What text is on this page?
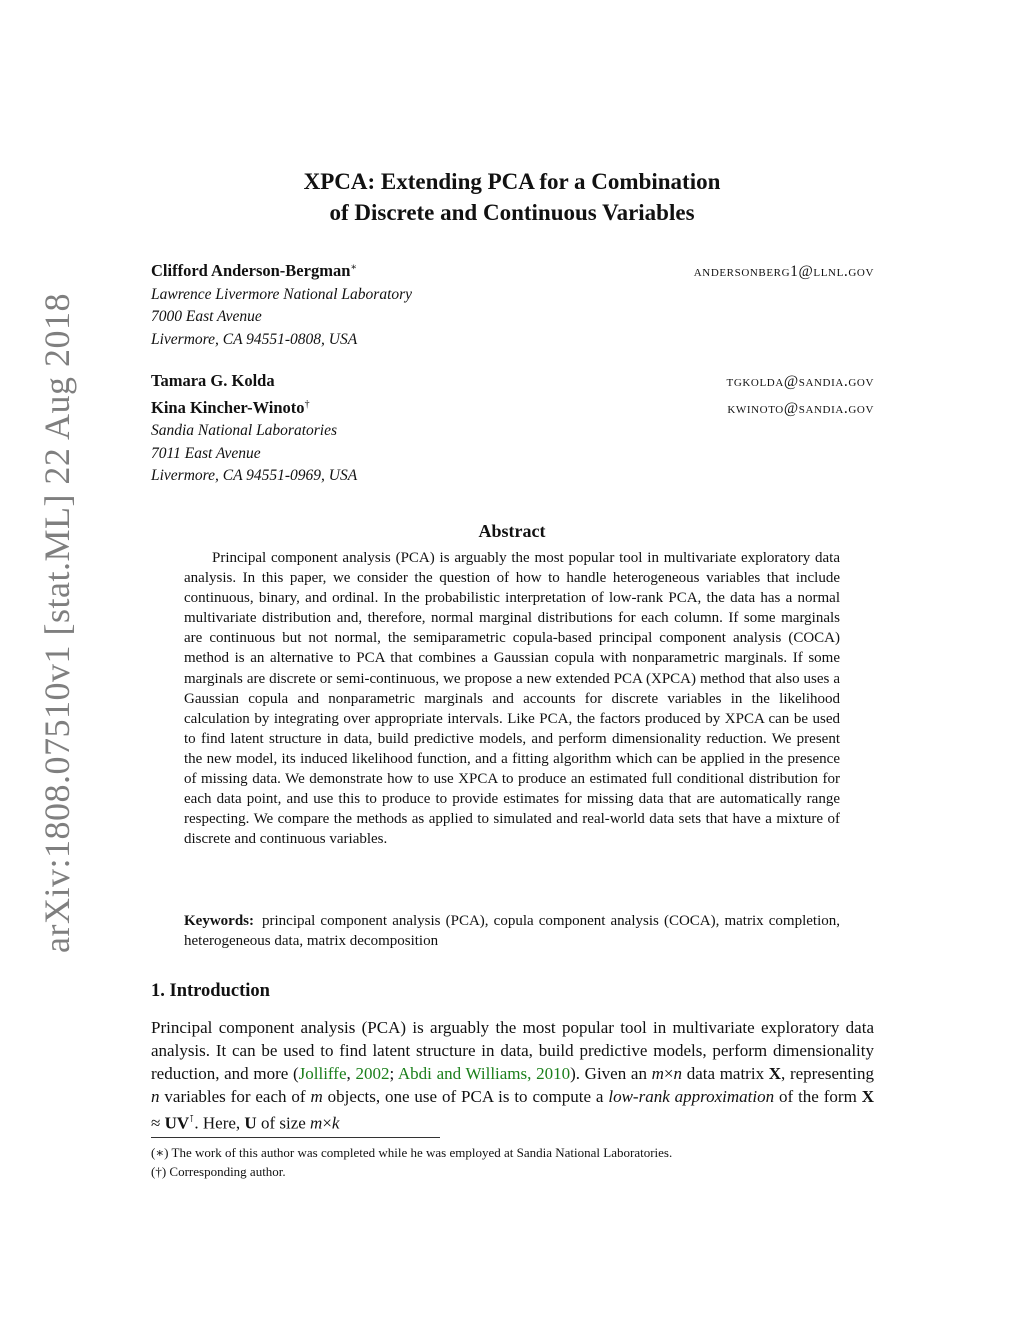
arXiv:1808.07510v1 [stat.ML] 22 Aug 2018
XPCA: Extending PCA for a Combination
of Discrete and Continuous Variables
Clifford Anderson-Bergman∗	andersonberg1@llnl.gov
Lawrence Livermore National Laboratory
7000 East Avenue
Livermore, CA 94551-0808, USA
Tamara G. Kolda	tgkolda@sandia.gov
Kina Kincher-Winoto†	kwinoto@sandia.gov
Sandia National Laboratories
7011 East Avenue
Livermore, CA 94551-0969, USA
Abstract

Principal component analysis (PCA) is arguably the most popular tool in multivariate exploratory data analysis. In this paper, we consider the question of how to handle heterogeneous variables that include continuous, binary, and ordinal. In the probabilistic interpretation of low-rank PCA, the data has a normal multivariate distribution and, therefore, normal marginal distributions for each column. If some marginals are continuous but not normal, the semiparametric copula-based principal component analysis (COCA) method is an alternative to PCA that combines a Gaussian copula with nonparametric marginals. If some marginals are discrete or semi-continuous, we propose a new extended PCA (XPCA) method that also uses a Gaussian copula and nonparametric marginals and accounts for discrete variables in the likelihood calculation by integrating over appropriate intervals. Like PCA, the factors produced by XPCA can be used to find latent structure in data, build predictive models, and perform dimensionality reduction. We present the new model, its induced likelihood function, and a fitting algorithm which can be applied in the presence of missing data. We demonstrate how to use XPCA to produce an estimated full conditional distribution for each data point, and use this to produce to provide estimates for missing data that are automatically range respecting. We compare the methods as applied to simulated and real-world data sets that have a mixture of discrete and continuous variables.

Keywords: principal component analysis (PCA), copula component analysis (COCA), matrix completion, heterogeneous data, matrix decomposition

1. Introduction

Principal component analysis (PCA) is arguably the most popular tool in multivariate exploratory data analysis. It can be used to find latent structure in data, build predictive models, perform dimensionality reduction, and more (Jolliffe, 2002; Abdi and Williams, 2010). Given an m×n data matrix X, representing n variables for each of m objects, one use of PCA is to compute a low-rank approximation of the form X ≈ UV⊺. Here, U of size m×k

(∗) The work of this author was completed while he was employed at Sandia National Laboratories.
(†) Corresponding author.
